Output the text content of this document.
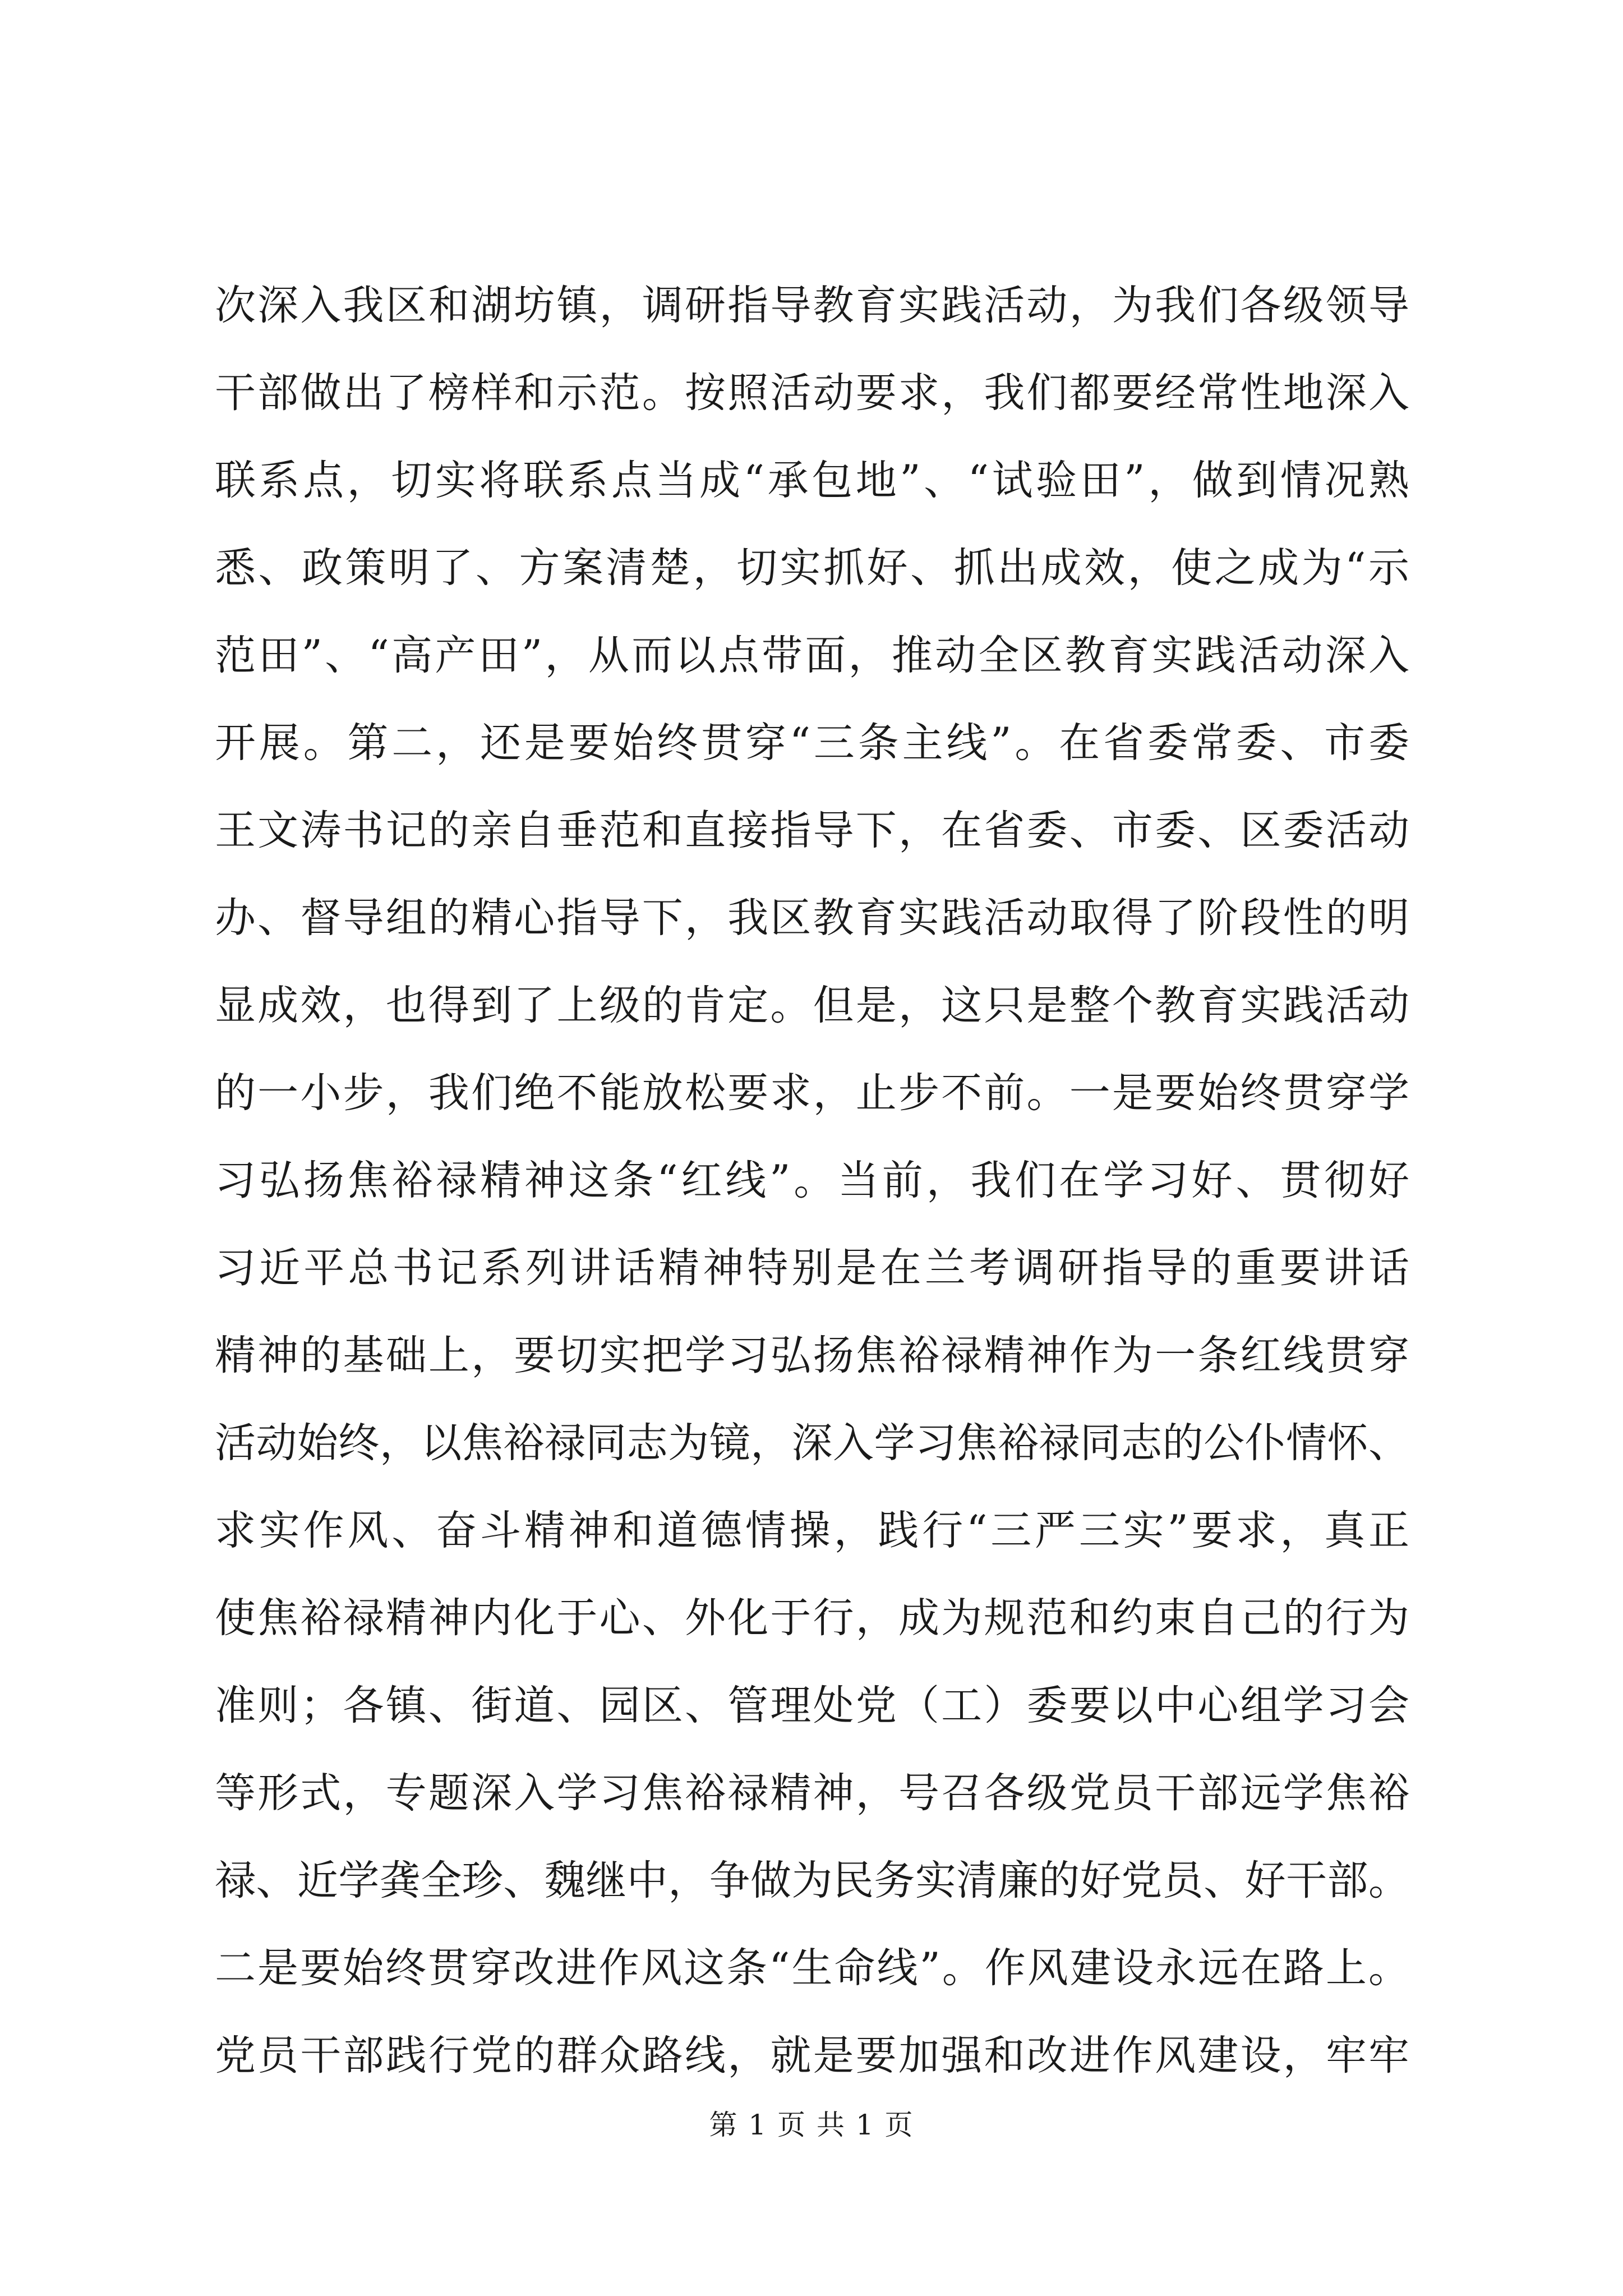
次深入我区和湖坊镇，调研指导教育实践活动，为我们各级领导
干部做出了榜样和示范。按照活动要求，我们都要经常性地深入
联系点，切实将联系点当成“承包地”、“试验田”，做到情况熟
悉、政策明了、方案清楚，切实抓好、抓出成效，使之成为“示
范田”、“高产田”，从而以点带面，推动全区教育实践活动深入
开展。第二，还是要始终贯穿“三条主线”。在省委常委、市委
王文涛书记的亲自垂范和直接指导下，在省委、市委、区委活动
办、督导组的精心指导下，我区教育实践活动取得了阶段性的明
显成效，也得到了上级的肯定。但是，这只是整个教育实践活动
的一小步，我们绝不能放松要求，止步不前。一是要始终贯穿学
习弘扬焦裕禄精神这条“红线”。当前，我们在学习好、贯彻好
习近平总书记系列讲话精神特别是在兰考调研指导的重要讲话
精神的基础上，要切实把学习弘扬焦裕禄精神作为一条红线贯穿
活动始终，以焦裕禄同志为镜，深入学习焦裕禄同志的公仆情怀、
求实作风、奋斗精神和道德情操，践行“三严三实”要求，真正
使焦裕禄精神内化于心、外化于行，成为规范和约束自己的行为
准则；各镇、街道、园区、管理处党（工）委要以中心组学习会
等形式，专题深入学习焦裕禄精神，号召各级党员干部远学焦裕
禄、近学龚全珍、魏继中，争做为民务实清廉的好党员、好干部。
二是要始终贯穿改进作风这条“生命线”。作风建设永远在路上。
党员干部践行党的群众路线，就是要加强和改进作风建设，牢牢
第 1 页 共 1 页
